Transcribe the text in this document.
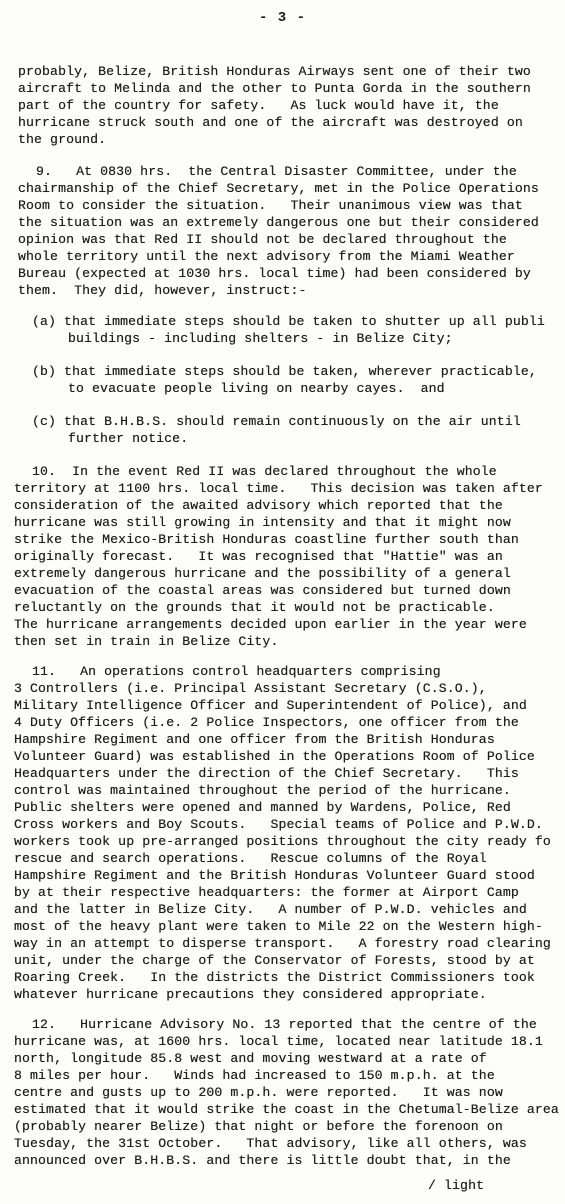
- 3 -
probably, Belize, British Honduras Airways sent one of their two
aircraft to Melinda and the other to Punta Gorda in the southern
part of the country for safety.   As luck would have it, the
hurricane struck south and one of the aircraft was destroyed on
the ground.
9.   At 0830 hrs.  the Central Disaster Committee, under the
chairmanship of the Chief Secretary, met in the Police Operations
Room to consider the situation.   Their unanimous view was that
the situation was an extremely dangerous one but their considered
opinion was that Red II should not be declared throughout the
whole territory until the next advisory from the Miami Weather
Bureau (expected at 1030 hrs. local time) had been considered by
them.  They did, however, instruct:-
(a) that immediate steps should be taken to shutter up all publi
buildings - including shelters - in Belize City;
(b) that immediate steps should be taken, wherever practicable,
to evacuate people living on nearby cayes.  and
(c) that B.H.B.S. should remain continuously on the air until
further notice.
10.  In the event Red II was declared throughout the whole
territory at 1100 hrs. local time.   This decision was taken after
consideration of the awaited advisory which reported that the
hurricane was still growing in intensity and that it might now
strike the Mexico-British Honduras coastline further south than
originally forecast.   It was recognised that "Hattie" was an
extremely dangerous hurricane and the possibility of a general
evacuation of the coastal areas was considered but turned down
reluctantly on the grounds that it would not be practicable.
The hurricane arrangements decided upon earlier in the year were
then set in train in Belize City.
11.   An operations control headquarters comprising
3 Controllers (i.e. Principal Assistant Secretary (C.S.O.),
Military Intelligence Officer and Superintendent of Police), and
4 Duty Officers (i.e. 2 Police Inspectors, one officer from the
Hampshire Regiment and one officer from the British Honduras
Volunteer Guard) was established in the Operations Room of Police
Headquarters under the direction of the Chief Secretary.   This
control was maintained throughout the period of the hurricane.
Public shelters were opened and manned by Wardens, Police, Red
Cross workers and Boy Scouts.   Special teams of Police and P.W.D.
workers took up pre-arranged positions throughout the city ready fo
rescue and search operations.   Rescue columns of the Royal
Hampshire Regiment and the British Honduras Volunteer Guard stood
by at their respective headquarters: the former at Airport Camp
and the latter in Belize City.   A number of P.W.D. vehicles and
most of the heavy plant were taken to Mile 22 on the Western high-
way in an attempt to disperse transport.   A forestry road clearing
unit, under the charge of the Conservator of Forests, stood by at
Roaring Creek.   In the districts the District Commissioners took
whatever hurricane precautions they considered appropriate.
12.   Hurricane Advisory No. 13 reported that the centre of the
hurricane was, at 1600 hrs. local time, located near latitude 18.1
north, longitude 85.8 west and moving westward at a rate of
8 miles per hour.   Winds had increased to 150 m.p.h. at the
centre and gusts up to 200 m.p.h. were reported.   It was now
estimated that it would strike the coast in the Chetumal-Belize area
(probably nearer Belize) that night or before the forenoon on
Tuesday, the 31st October.   That advisory, like all others, was
announced over B.H.B.S. and there is little doubt that, in the
/ light
